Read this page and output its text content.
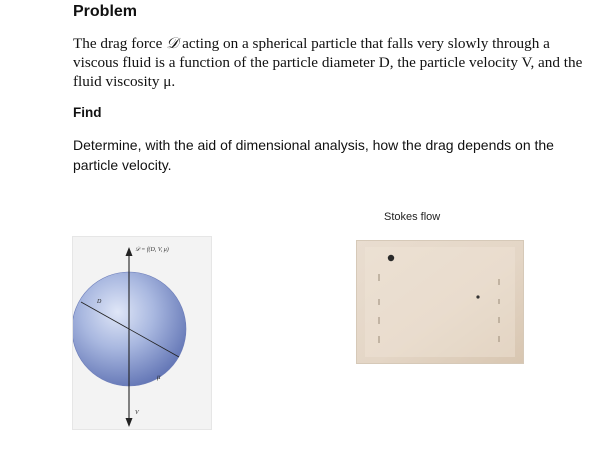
Problem
The drag force 𝒟 acting on a spherical particle that falls very slowly through a viscous fluid is a function of the particle diameter D, the particle velocity V, and the fluid viscosity μ.
Find
Determine, with the aid of dimensional analysis, how the drag depends on the particle velocity.
Stokes flow
𝒟 = f(D, V, μ)
D
μ
V
